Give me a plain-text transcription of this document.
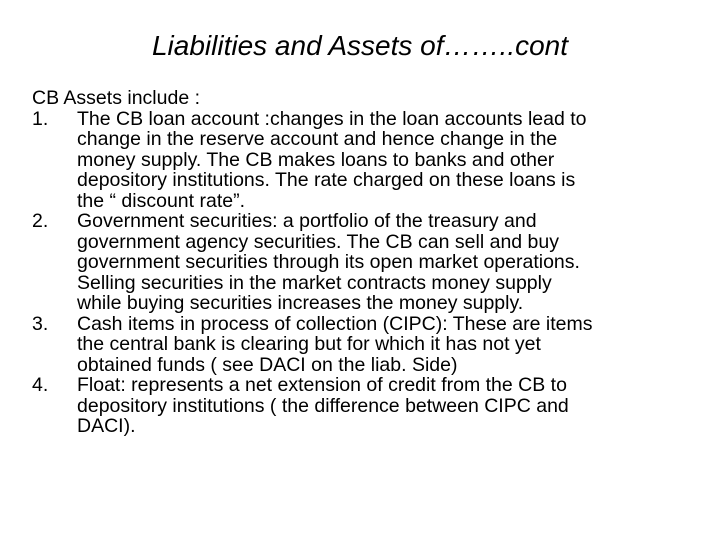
Liabilities and Assets of……..cont

CB Assets include :

1.	The CB loan account :changes in the loan accounts lead to
change in the reserve account and hence change in the
money supply. The CB makes loans to banks and other
depository institutions. The rate charged on these loans is
the “ discount rate”.
2.	Government securities: a portfolio of the treasury and
government agency securities. The CB can sell and buy
government securities through its open market operations.
Selling securities in the market contracts money supply
while buying securities increases the money supply.
3.	Cash items in process of collection (CIPC): These are items
the central bank is clearing but for which it has not yet
obtained funds ( see DACI on the liab. Side)
4.	Float: represents a net extension of credit from the CB to
depository institutions ( the difference between CIPC and
DACI).
